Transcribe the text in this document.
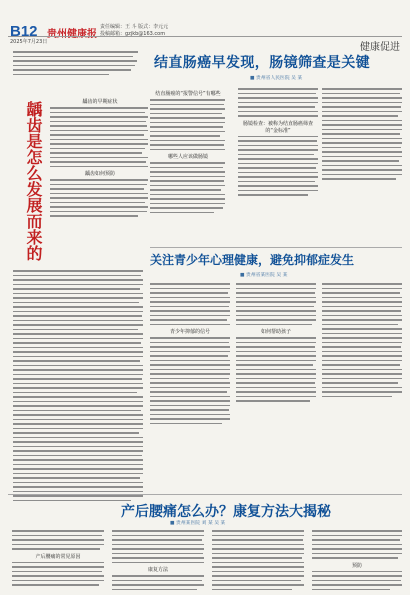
B12 贵州健康报
责任编辑：王 斗 版式：李元元
投稿邮箱：gzjkb@163.com
2025年7月23日	健康促进
龋齿是怎么发展而来的
结直肠癌早发现，肠镜筛查是关键
■ 贵州省人民医院 吴 某
龋齿的早期症状
龋齿如何预防
结直肠癌的“报警信号”有哪些
哪些人应该做肠镜
肠镜检查：被称为结直肠癌筛查的“金标准”
关注青少年心理健康，避免抑郁症发生
■ 贵州省某医院 吴 某
青少年抑郁的信号	如何帮助孩子
产后腰痛怎么办？康复方法大揭秘
■ 贵州某医院 刘 某 吴 某
产后腰痛的常见原因
康复方法
预防
